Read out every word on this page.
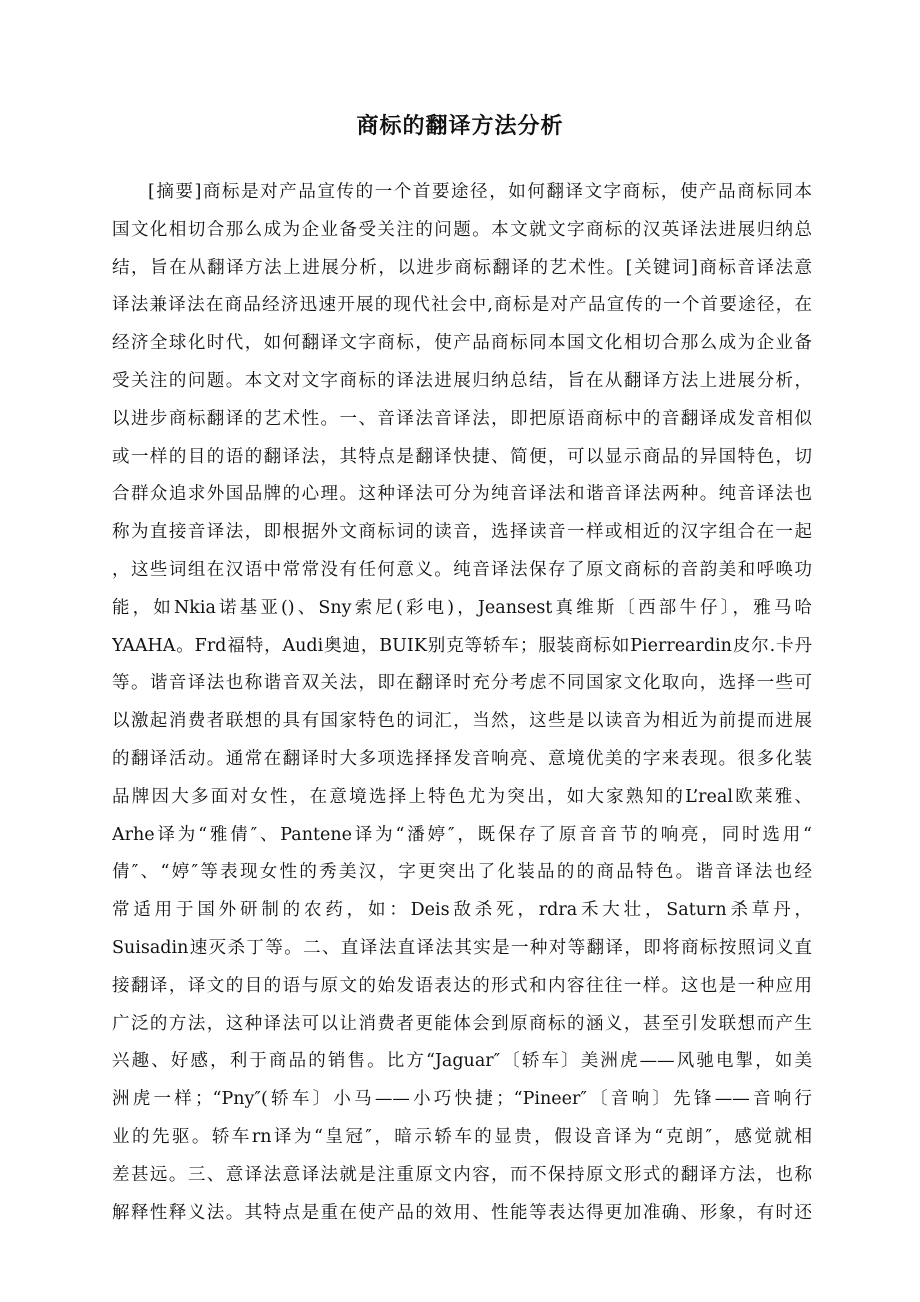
商标的翻译方法分析
[摘要]商标是对产品宣传的一个首要途径，如何翻译文字商标，使产品商标同本
国文化相切合那么成为企业备受关注的问题。本文就文字商标的汉英译法进展归纳总
结，旨在从翻译方法上进展分析，以进步商标翻译的艺术性。[关键词]商标音译法意
译法兼译法在商品经济迅速开展的现代社会中,商标是对产品宣传的一个首要途径，在
经济全球化时代，如何翻译文字商标，使产品商标同本国文化相切合那么成为企业备
受关注的问题。本文对文字商标的译法进展归纳总结，旨在从翻译方法上进展分析，
以进步商标翻译的艺术性。一、音译法音译法，即把原语商标中的音翻译成发音相似
或一样的目的语的翻译法，其特点是翻译快捷、简便，可以显示商品的异国特色，切
合群众追求外国品牌的心理。这种译法可分为纯音译法和谐音译法两种。纯音译法也
称为直接音译法，即根据外文商标词的读音，选择读音一样或相近的汉字组合在一起
，这些词组在汉语中常常没有任何意义。纯音译法保存了原文商标的音韵美和呼唤功
能，如Nkia诺基亚()、Sny索尼(彩电)，Jeansest真维斯〔西部牛仔〕，雅马哈
YAAHA。Frd福特，Audi奥迪，BUIK别克等轿车；服装商标如Pierreardin皮尔.卡丹
等。谐音译法也称谐音双关法，即在翻译时充分考虑不同国家文化取向，选择一些可
以激起消费者联想的具有国家特色的词汇，当然，这些是以读音为相近为前提而进展
的翻译活动。通常在翻译时大多项选择择发音响亮、意境优美的字来表现。很多化装
品牌因大多面对女性，在意境选择上特色尤为突出，如大家熟知的L’real欧莱雅、
Arhe译为“雅倩″、Pantene译为“潘婷″，既保存了原音音节的响亮，同时选用“
倩″、“婷″等表现女性的秀美汉，字更突出了化装品的的商品特色。谐音译法也经
常适用于国外研制的农药，如：Deis敌杀死，rdra禾大壮，Saturn杀草丹，
Suisadin速灭杀丁等。二、直译法直译法其实是一种对等翻译，即将商标按照词义直
接翻译，译文的目的语与原文的始发语表达的形式和内容往往一样。这也是一种应用
广泛的方法，这种译法可以让消费者更能体会到原商标的涵义，甚至引发联想而产生
兴趣、好感，利于商品的销售。比方“Jaguar″〔轿车〕美洲虎——风驰电掣，如美
洲虎一样；“Pny″(轿车〕小马——小巧快捷；“Pineer″〔音响〕先锋——音响行
业的先驱。轿车rn译为“皇冠″，暗示轿车的显贵，假设音译为“克朗″，感觉就相
差甚远。三、意译法意译法就是注重原文内容，而不保持原文形式的翻译方法，也称
解释性释义法。其特点是重在使产品的效用、性能等表达得更加准确、形象，有时还
